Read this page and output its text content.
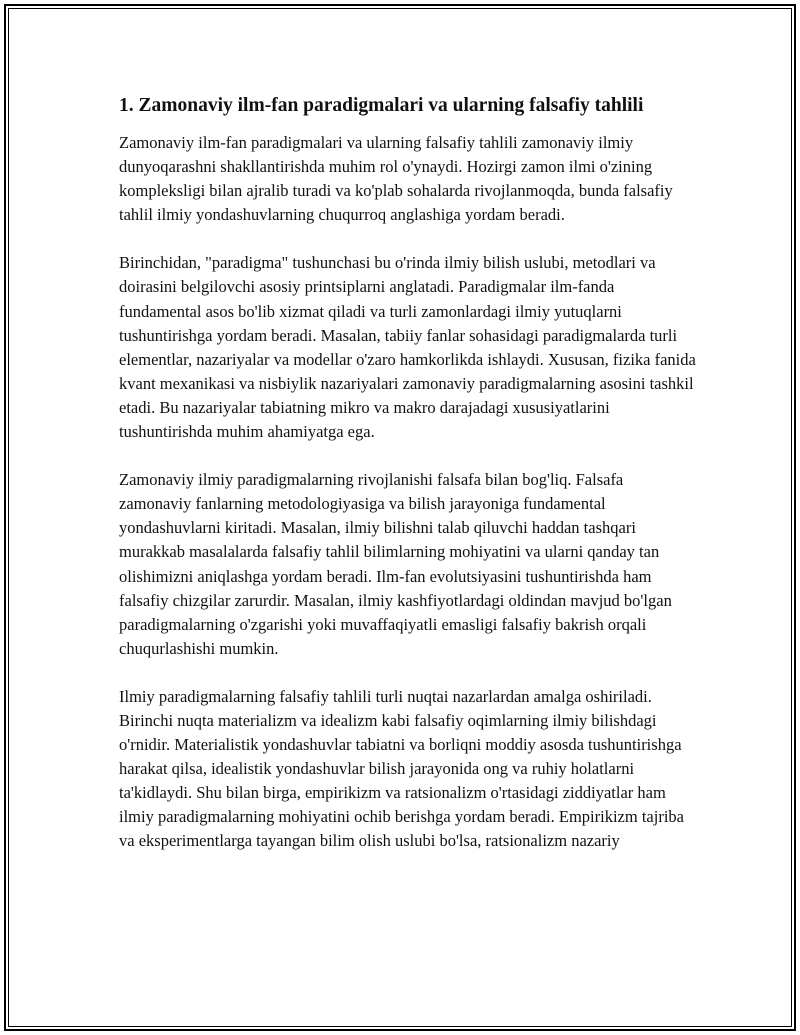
1. Zamonaviy ilm-fan paradigmalari va ularning falsafiy tahlili

Zamonaviy ilm-fan paradigmalari va ularning falsafiy tahlili zamonaviy ilmiy dunyoqarashni shakllantirishda muhim rol o'ynaydi. Hozirgi zamon ilmi o'zining kompleksligi bilan ajralib turadi va ko'plab sohalarda rivojlanmoqda, bunda falsafiy tahlil ilmiy yondashuvlarning chuqurroq anglashiga yordam beradi.

Birinchidan, "paradigma" tushunchasi bu o'rinda ilmiy bilish uslubi, metodlari va doirasini belgilovchi asosiy printsiplarni anglatadi. Paradigmalar ilm-fanda fundamental asos bo'lib xizmat qiladi va turli zamonlardagi ilmiy yutuqlarni tushuntirishga yordam beradi. Masalan, tabiiy fanlar sohasidagi paradigmalarda turli elementlar, nazariyalar va modellar o'zaro hamkorlikda ishlaydi. Xususan, fizika fanida kvant mexanikasi va nisbiylik nazariyalari zamonaviy paradigmalarning asosini tashkil etadi. Bu nazariyalar tabiatning mikro va makro darajadagi xususiyatlarini tushuntirishda muhim ahamiyatga ega.

Zamonaviy ilmiy paradigmalarning rivojlanishi falsafa bilan bog'liq. Falsafa zamonaviy fanlarning metodologiyasiga va bilish jarayoniga fundamental yondashuvlarni kiritadi. Masalan, ilmiy bilishni talab qiluvchi haddan tashqari murakkab masalalarda falsafiy tahlil bilimlarning mohiyatini va ularni qanday tan olishimizni aniqlashga yordam beradi. Ilm-fan evolutsiyasini tushuntirishda ham falsafiy chizgilar zarurdir. Masalan, ilmiy kashfiyotlardagi oldindan mavjud bo'lgan paradigmalarning o'zgarishi yoki muvaffaqiyatli emasligi falsafiy bakrish orqali chuqurlashishi mumkin.

Ilmiy paradigmalarning falsafiy tahlili turli nuqtai nazarlardan amalga oshiriladi. Birinchi nuqta materializm va idealizm kabi falsafiy oqimlarning ilmiy bilishdagi o'rnidir. Materialistik yondashuvlar tabiatni va borliqni moddiy asosda tushuntirishga harakat qilsa, idealistik yondashuvlar bilish jarayonida ong va ruhiy holatlarni ta'kidlaydi. Shu bilan birga, empirikizm va ratsionalizm o'rtasidagi ziddiyatlar ham ilmiy paradigmalarning mohiyatini ochib berishga yordam beradi. Empirikizm tajriba va eksperimentlarga tayangan bilim olish uslubi bo'lsa, ratsionalizm nazariy
